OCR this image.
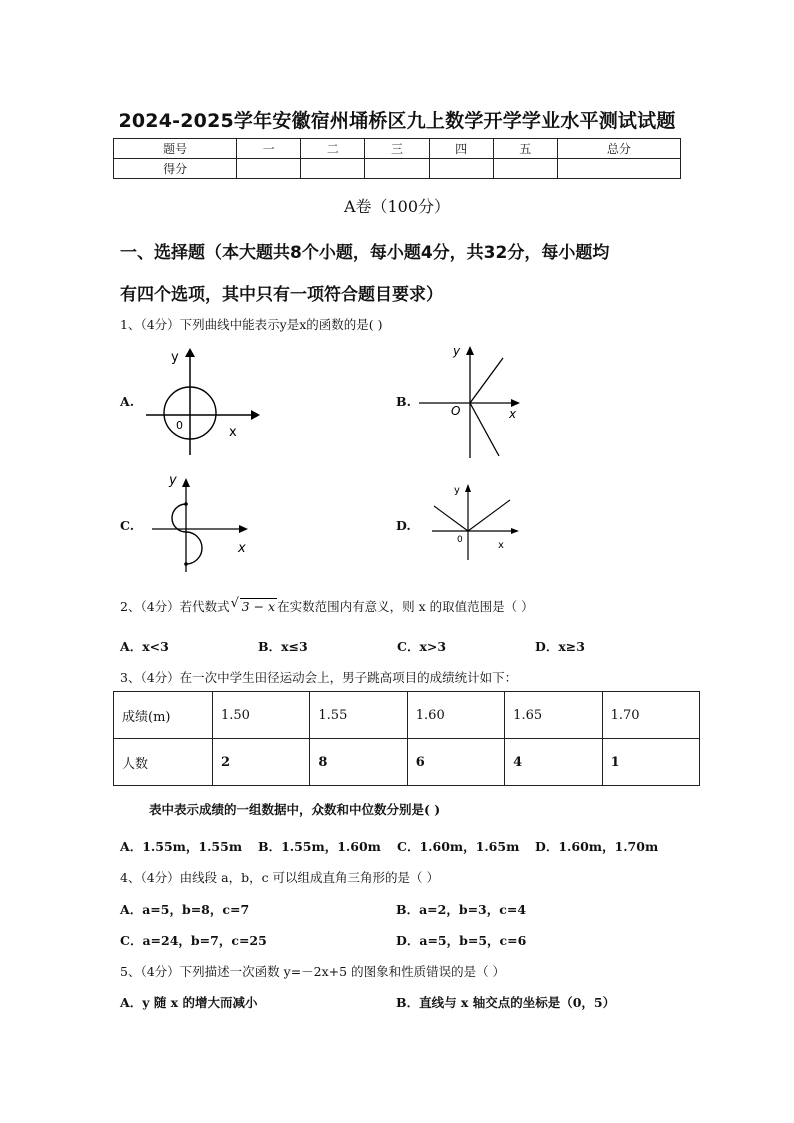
2024-2025学年安徽宿州埇桥区九上数学开学学业水平测试试题
题号	一	二	三	四	五	总分
得分						
A卷（100分）
一、选择题（本大题共8个小题，每小题4分，共32分，每小题均
有四个选项，其中只有一项符合题目要求）
1、（4分）下列曲线中能表示y是x的函数的是( )
A.
y
x
0
B.
y
x
O
C.
y
x
D.
y
x
0
2、（4分）若代数式 √ 3 − x 在实数范围内有意义，则 x 的取值范围是（ ）
A．x<3	B．x≤3	C．x>3	D．x≥3
3、（4分）在一次中学生田径运动会上，男子跳高项目的成绩统计如下：
成绩(m)	1.50	1.55	1.60	1.65	1.70
人数	2	8	6	4	1
表中表示成绩的一组数据中，众数和中位数分别是( )
A．1.55m，1.55m B．1.55m，1.60m C．1.60m，1.65m D．1.60m，1.70m
4、（4分）由线段 a，b，c 可以组成直角三角形的是（ ）
A．a=5，b=8，c=7	B．a=2，b=3，c=4
C．a=24，b=7，c=25	D．a=5，b=5，c=6
5、（4分）下列描述一次函数 y=－2x+5 的图象和性质错误的是（ ）
A．y 随 x 的增大而减小	B．直线与 x 轴交点的坐标是（0，5）
